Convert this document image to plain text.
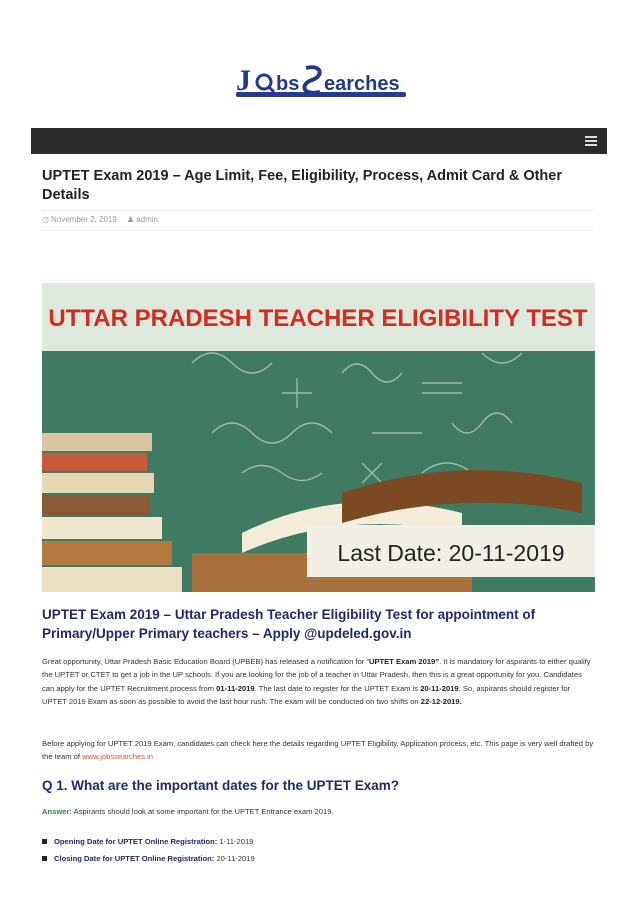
J bs earches
UPTET Exam 2019 – Age Limit, Fee, Eligibility, Process, Admit Card & Other Details
◷ November 2, 2019 ♟ admin
UTTAR PRADESH TEACHER ELIGIBILITY TEST
Last Date: 20-11-2019
UPTET Exam 2019 – Uttar Pradesh Teacher Eligibility Test for appointment of Primary/Upper Primary teachers – Apply @updeled.gov.in

Great opportunity, Uttar Pradesh Basic Education Board (UPBEB) has released a notification for “UPTET Exam 2019”. It is mandatory for aspirants to either qualify the UPTET or CTET to get a job in the UP schools. If you are looking for the job of a teacher in Uttar Pradesh, then this is a great opportunity for you. Candidates can apply for the UPTET Recruitment process from 01-11-2019. The last date to register for the UPTET Exam is 20-11-2019. So, aspirants should register for UPTET 2019 Exam as soon as possible to avoid the last hour rush. The exam will be conducted on two shifts on 22-12-2019.

Before applying for UPTET 2019 Exam, candidates can check here the details regarding UPTET Eligibility, Application process, etc. This page is very well drafted by the team of www.jobssearches.in

Q 1. What are the important dates for the UPTET Exam?
Answer: Aspirants should look at some important for the UPTET Entrance exam 2019.
Opening Date for UPTET Online Registration: 1-11-2019
Closing Date for UPTET Online Registration: 20-11-2019
